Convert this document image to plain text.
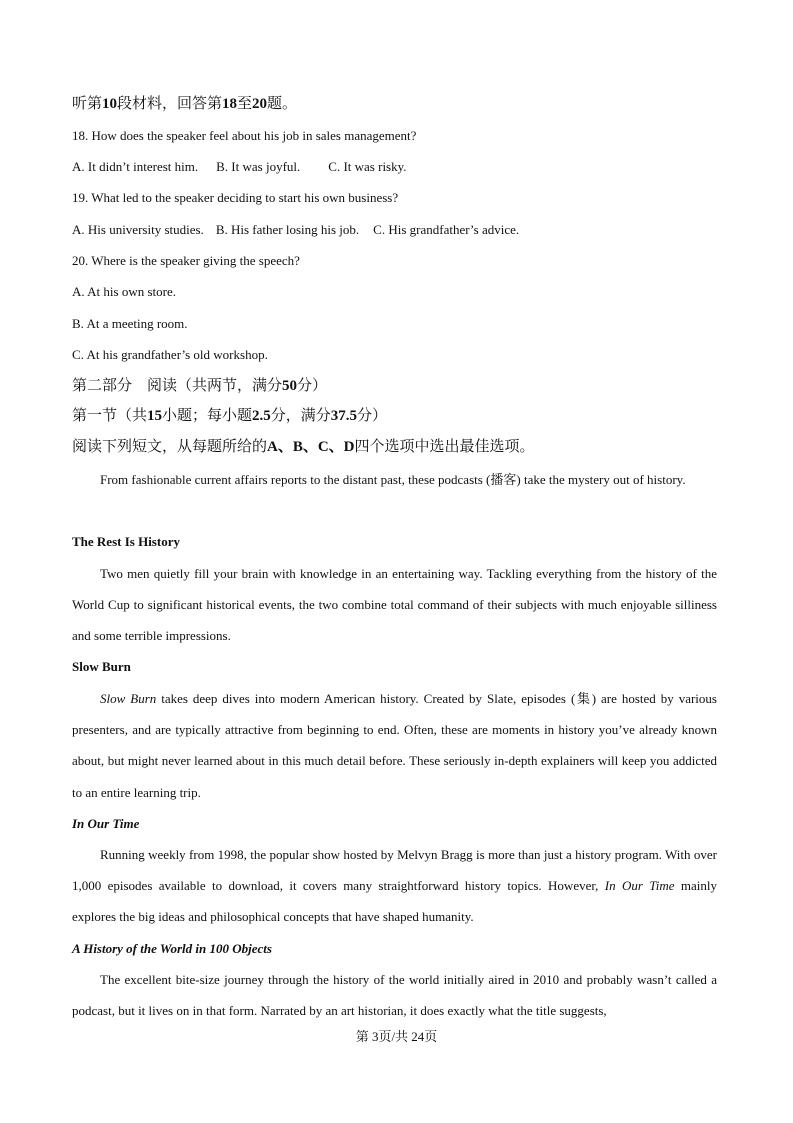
听第10段材料，回答第18至20题。
18. How does the speaker feel about his job in sales management?
A. It didn’t interest him. B. It was joyful. C. It was risky.
19. What led to the speaker deciding to start his own business?
A. His university studies. B. His father losing his job. C. His grandfather’s advice.
20. Where is the speaker giving the speech?
A. At his own store.
B. At a meeting room.
C. At his grandfather’s old workshop.
第二部分　阅读（共两节，满分50分）
第一节（共15小题；每小题2.5分，满分37.5分）
阅读下列短文，从每题所给的A、B、C、D四个选项中选出最佳选项。
From fashionable current affairs reports to the distant past, these podcasts (播客) take the mystery out of history.
The Rest Is History
Two men quietly fill your brain with knowledge in an entertaining way. Tackling everything from the history of the World Cup to significant historical events, the two combine total command of their subjects with much enjoyable silliness and some terrible impressions.
Slow Burn
Slow Burn takes deep dives into modern American history. Created by Slate, episodes (集) are hosted by various presenters, and are typically attractive from beginning to end. Often, these are moments in history you’ve already known about, but might never learned about in this much detail before. These seriously in-depth explainers will keep you addicted to an entire learning trip.
In Our Time
Running weekly from 1998, the popular show hosted by Melvyn Bragg is more than just a history program. With over 1,000 episodes available to download, it covers many straightforward history topics. However, In Our Time mainly explores the big ideas and philosophical concepts that have shaped humanity.
A History of the World in 100 Objects
The excellent bite-size journey through the history of the world initially aired in 2010 and probably wasn’t called a podcast, but it lives on in that form. Narrated by an art historian, it does exactly what the title suggests,
第 3页/共 24页
